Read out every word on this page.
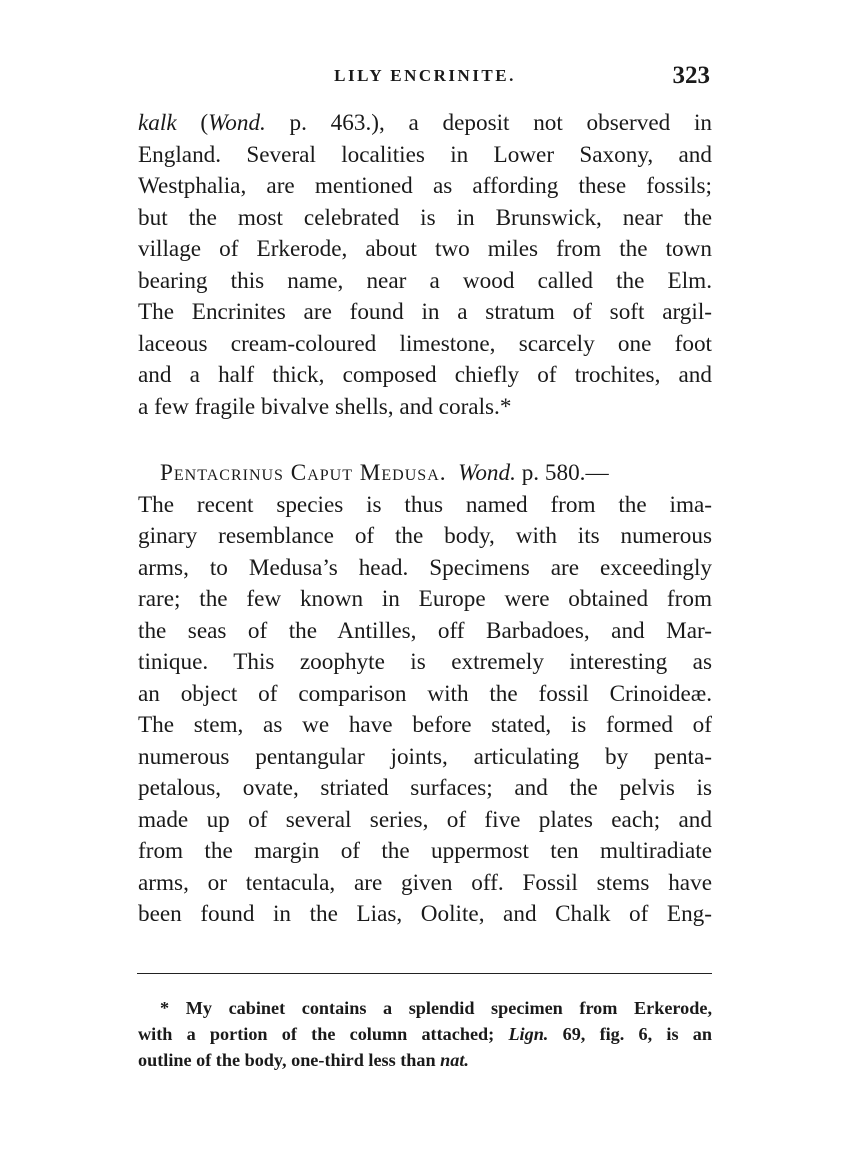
LILY ENCRINITE.	323
kalk (Wond. p. 463.), a deposit not observed in
England. Several localities in Lower Saxony, and
Westphalia, are mentioned as affording these fossils;
but the most celebrated is in Brunswick, near the
village of Erkerode, about two miles from the town
bearing this name, near a wood called the Elm.
The Encrinites are found in a stratum of soft argil-
laceous cream-coloured limestone, scarcely one foot
and a half thick, composed chiefly of trochites, and
a few fragile bivalve shells, and corals.*
Pentacrinus Caput Medusa. Wond. p. 580.—
The recent species is thus named from the ima-
ginary resemblance of the body, with its numerous
arms, to Medusa’s head. Specimens are exceedingly
rare; the few known in Europe were obtained from
the seas of the Antilles, off Barbadoes, and Mar-
tinique. This zoophyte is extremely interesting as
an object of comparison with the fossil Crinoideæ.
The stem, as we have before stated, is formed of
numerous pentangular joints, articulating by penta-
petalous, ovate, striated surfaces; and the pelvis is
made up of several series, of five plates each; and
from the margin of the uppermost ten multiradiate
arms, or tentacula, are given off. Fossil stems have
been found in the Lias, Oolite, and Chalk of Eng-
* My cabinet contains a splendid specimen from Erkerode,
with a portion of the column attached; Lign. 69, fig. 6, is an
outline of the body, one-third less than nat.
